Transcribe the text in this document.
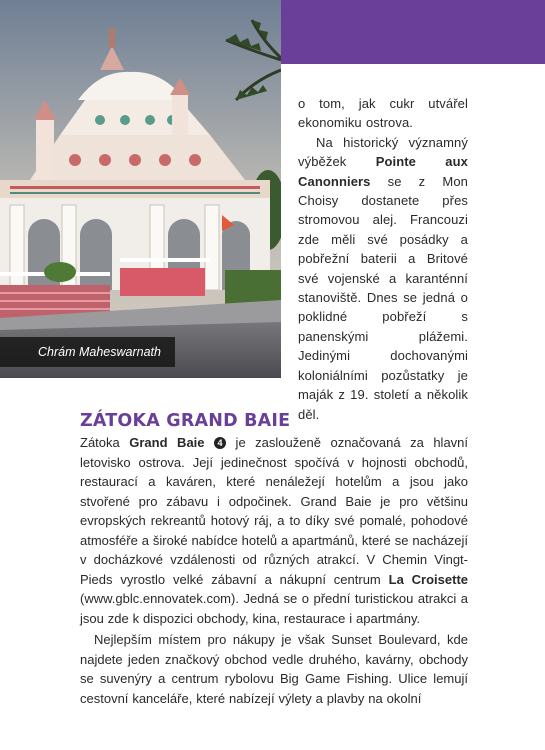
Chrám Maheswarnath

o tom, jak cukr utvářel ekonomiku ostrova.

Na historický významný výběžek Pointe aux Canonniers se z Mon Choisy dostanete přes stromovou alej. Francouzi zde měli své posádky a pobřežní baterii a Britové své vojenské a karanténní stanoviště. Dnes se jedná o poklidné pobřeží s panenskými plážemi. Jedinými dochovanými koloniálními pozůstatky je maják z 19. století a několik děl.

ZÁTOKA GRAND BAIE

Zátoka Grand Baie 4 je zaslouženě označovaná za hlavní letovisko ostrova. Její jedinečnost spočívá v hojnosti obchodů, restaurací a kaváren, které nenáležejí hotelům a jsou jako stvořené pro zábavu i odpočinek. Grand Baie je pro většinu evropských rekreantů hotový ráj, a to díky své pomalé, pohodové atmosféře a široké nabídce hotelů a apartmánů, které se nacházejí v docházkové vzdálenosti od různých atrakcí. V Chemin Vingt-Pieds vyrostlo velké zábavní a nákupní centrum La Croisette (www.gblc.ennovatek.com). Jedná se o přední turistickou atrakci a jsou zde k dispozici obchody, kina, restaurace i apartmány.

Nejlepším místem pro nákupy je však Sunset Boulevard, kde najdete jeden značkový obchod vedle druhého, kavárny, obchody se suvenýry a centrum rybolovu Big Game Fishing. Ulice lemují cestovní kanceláře, které nabízejí výlety a plavby na okolní
